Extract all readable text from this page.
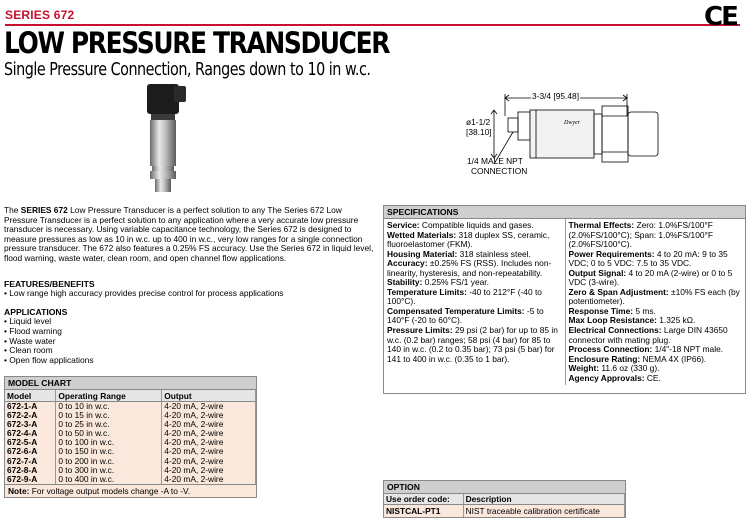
SERIES 672	CE
LOW PRESSURE TRANSDUCER
Single Pressure Connection, Ranges down to 10 in w.c.
Dwyer
3-3/4 [95.48]
ø1-1/2
[38.10]
1/4 MALE NPT
CONNECTION
The SERIES 672 Low Pressure Transducer is a perfect solution to any The Series 672 Low Pressure Transducer is a perfect solution to any application where a very accurate low pressure transducer is necessary. Using variable capacitance technology, the Series 672 is designed to measure pressures as low as 10 in w.c. up to 400 in w.c., very low ranges for a single connection pressure transducer. The 672 also features a 0.25% FS accuracy. Use the Series 672 in liquid level, flood warning, waste water, clean room, and open channel flow applications.
FEATURES/BENEFITS
• Low range high accuracy provides precise control for process applications
APPLICATIONS
• Liquid level
• Flood warning
• Waste water
• Clean room
• Open flow applications
MODEL CHART
Model	Operating Range	Output
672-1-A	0 to 10 in w.c.	4-20 mA, 2-wire
672-2-A	0 to 15 in w.c.	4-20 mA, 2-wire
672-3-A	0 to 25 in w.c.	4-20 mA, 2-wire
672-4-A	0 to 50 in w.c.	4-20 mA, 2-wire
672-5-A	0 to 100 in w.c.	4-20 mA, 2-wire
672-6-A	0 to 150 in w.c.	4-20 mA, 2-wire
672-7-A	0 to 200 in w.c.	4-20 mA, 2-wire
672-8-A	0 to 300 in w.c.	4-20 mA, 2-wire
672-9-A	0 to 400 in w.c.	4-20 mA, 2-wire
Note: For voltage output models change -A to -V.
SPECIFICATIONS
Service: Compatible liquids and gases.
Wetted Materials: 318 duplex SS, ceramic, fluoroelastomer (FKM).
Housing Material: 318 stainless steel.
Accuracy: ±0.25% FS (RSS). Includes non-linearity, hysteresis, and non-repeatability.
Stability: 0.25% FS/1 year.
Temperature Limits: -40 to 212°F (-40 to 100°C).
Compensated Temperature Limits: -5 to 140°F (-20 to 60°C).
Pressure Limits: 29 psi (2 bar) for up to 85 in w.c. (0.2 bar) ranges; 58 psi (4 bar) for 85 to 140 in w.c. (0.2 to 0.35 bar); 73 psi (5 bar) for 141 to 400 in w.c. (0.35 to 1 bar).
Thermal Effects: Zero: 1.0%FS/100°F (2.0%FS/100°C); Span: 1.0%FS/100°F (2.0%FS/100°C).
Power Requirements: 4 to 20 mA: 9 to 35 VDC; 0 to 5 VDC: 7.5 to 35 VDC.
Output Signal: 4 to 20 mA (2-wire) or 0 to 5 VDC (3-wire).
Zero & Span Adjustment: ±10% FS each (by potentiometer).
Response Time: 5 ms.
Max Loop Resistance: 1.325 kΩ.
Electrical Connections: Large DIN 43650 connector with mating plug.
Process Connection: 1/4"-18 NPT male.
Enclosure Rating: NEMA 4X (IP66).
Weight: 11.6 oz (330 g).
Agency Approvals: CE.
OPTION
Use order code:	Description
NISTCAL-PT1	NIST traceable calibration certificate
